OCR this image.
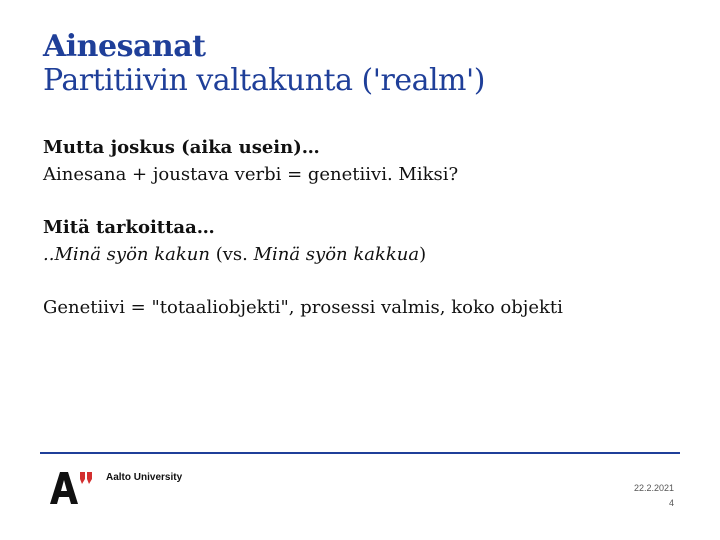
Ainesanat
Partitiivin valtakunta ('realm')
Mutta joskus (aika usein)…
Ainesana + joustava verbi = genetiivi. Miksi?
Mitä tarkoittaa…
..Minä syön kakun (vs. Minä syön kakkua)
Genetiivi = "totaaliobjekti", prosessi valmis, koko objekti
Aalto University
22.2.2021
4
